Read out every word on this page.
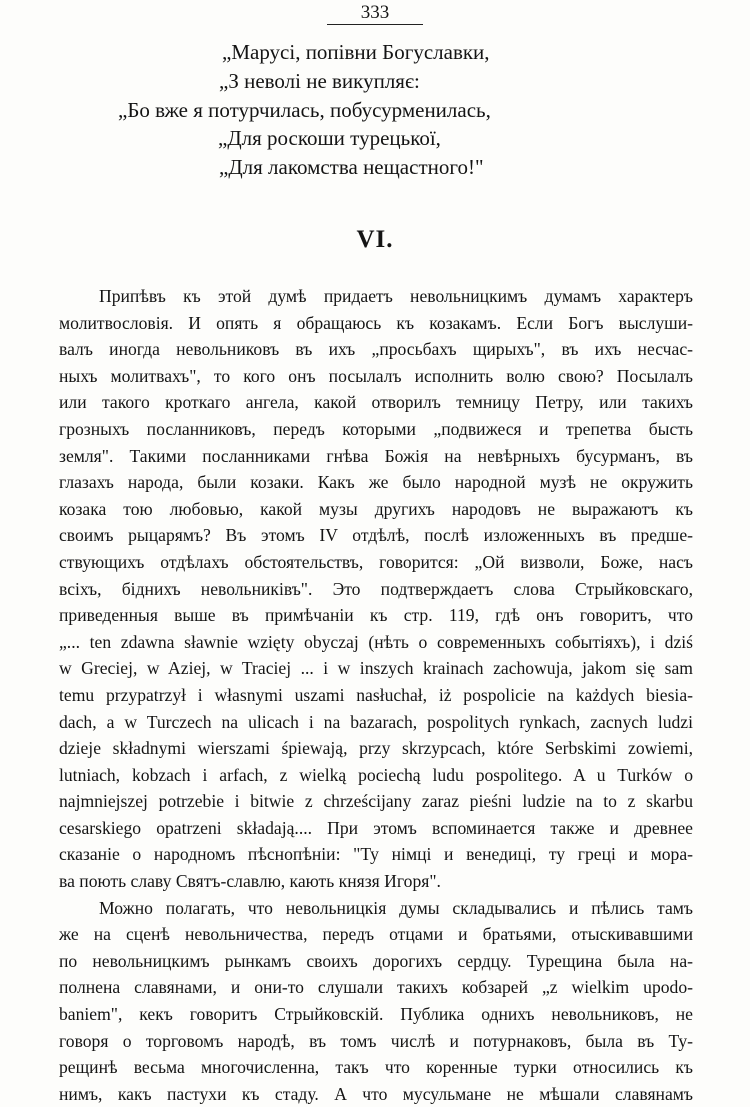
333
„Марусі, попівни Богуславки,
„З неволі не викупляє:
„Бо вже я потурчилась, побусурменилась,
„Для роскоши турецької,
„Для лакомства нещастного!"
VI.

Припѣвъ къ этой думѣ придаетъ невольницкимъ думамъ характеръ
молитвословія. И опять я обращаюсь къ козакамъ. Если Богъ выслуши-
валъ иногда невольниковъ въ ихъ „просьбахъ щирыхъ", въ ихъ несчас-
ныхъ молитвахъ", то кого онъ посылалъ исполнить волю свою? Посылалъ
или такого кроткаго ангела, какой отворилъ темницу Петру, или такихъ
грозныхъ посланниковъ, передъ которыми „подвижеся и трепетва бысть
земля". Такими посланниками гнѣва Божія на невѣрныхъ бусурманъ, въ
глазахъ народа, были козаки. Какъ же было народной музѣ не окружить
козака тою любовью, какой музы другихъ народовъ не выражаютъ къ
своимъ рыцарямъ? Въ этомъ IV отдѣлѣ, послѣ изложенныхъ въ предше-
ствующихъ отдѣлахъ обстоятельствъ, говорится: „Ой визволи, Боже, насъ
всіхъ, біднихъ невольниківъ". Это подтверждаетъ слова Стрыйковскаго,
приведенныя выше въ примѣчаніи къ стр. 119, гдѣ онъ говоритъ, что
„... ten zdawna sławnie wzięty obyczaj (нѣть о современныхъ событіяхъ), i dziś
w Greciej, w Aziej, w Traciej ... i w inszych krainach zachowuja, jakom się sam
temu przypatrzył i własnymi uszami nasłuchał, iż pospolicie na każdych biesia-
dach, a w Turczech na ulicach i na bazarach, pospolitych rynkach, zacnych ludzi
dzieje składnymi wierszami śpiewają, przy skrzypcach, które Serbskimi zowiemi,
lutniach, kobzach i arfach, z wielką pociechą ludu pospolitego. A u Turków o
najmniejszej potrzebie i bitwie z chrześcijany zaraz pieśni ludzie na to z skarbu
cesarskiego opatrzeni składają.... При этомъ вспоминается также и древнее
сказаніе о народномъ пѣснопѣніи: "Ту німці и венедиці, ту греці и мора-
ва поють славу Святъ-славлю, кають князя Игоря".

Можно полагать, что невольницкія думы складывались и пѣлись тамъ
же на сценѣ невольничества, передъ отцами и братьями, отыскивавшими
по невольницкимъ рынкамъ своихъ дорогихъ сердцу. Турещина была на-
полнена славянами, и они-то слушали такихъ кобзарей „z wielkim upodo-
baniem", кекъ говоритъ Стрыйковскій. Публика однихъ невольниковъ, не
говоря о торговомъ народѣ, въ томъ числѣ и потурнаковъ, была въ Ту-
рещинѣ весьма многочисленна, такъ что коренные турки относились къ
нимъ, какъ пастухи къ стаду. А что мусульмане не мѣшали славянамъ
